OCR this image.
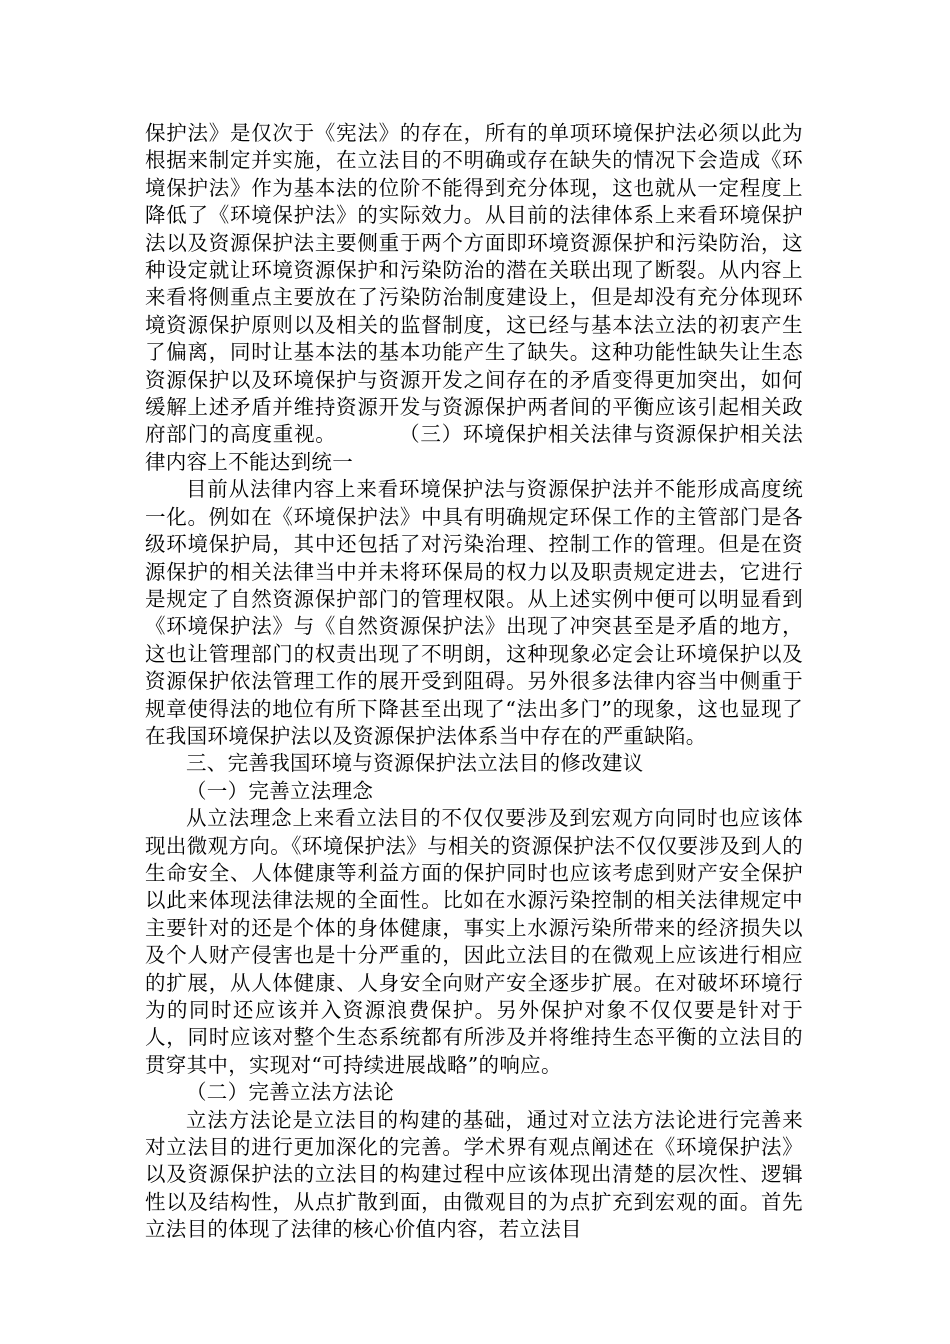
保护法》是仅次于《宪法》的存在，所有的单项环境保护法必须以此为根据来制定并实施，在立法目的不明确或存在缺失的情况下会造成《环境保护法》作为基本法的位阶不能得到充分体现，这也就从一定程度上降低了《环境保护法》的实际效力。从目前的法律体系上来看环境保护法以及资源保护法主要侧重于两个方面即环境资源保护和污染防治，这种设定就让环境资源保护和污染防治的潜在关联出现了断裂。从内容上来看将侧重点主要放在了污染防治制度建设上，但是却没有充分体现环境资源保护原则以及相关的监督制度，这已经与基本法立法的初衷产生了偏离，同时让基本法的基本功能产生了缺失。这种功能性缺失让生态资源保护以及环境保护与资源开发之间存在的矛盾变得更加突出，如何缓解上述矛盾并维持资源开发与资源保护两者间的平衡应该引起相关政府部门的高度重视。	（三）环境保护相关法律与资源保护相关法律内容上不能达到统一

目前从法律内容上来看环境保护法与资源保护法并不能形成高度统一化。例如在《环境保护法》中具有明确规定环保工作的主管部门是各级环境保护局，其中还包括了对污染治理、控制工作的管理。但是在资源保护的相关法律当中并未将环保局的权力以及职责规定进去，它进行是规定了自然资源保护部门的管理权限。从上述实例中便可以明显看到《环境保护法》与《自然资源保护法》出现了冲突甚至是矛盾的地方，这也让管理部门的权责出现了不明朗，这种现象必定会让环境保护以及资源保护依法管理工作的展开受到阻碍。另外很多法律内容当中侧重于规章使得法的地位有所下降甚至出现了“法出多门”的现象，这也显现了在我国环境保护法以及资源保护法体系当中存在的严重缺陷。

三、完善我国环境与资源保护法立法目的修改建议

（一）完善立法理念

从立法理念上来看立法目的不仅仅要涉及到宏观方向同时也应该体现出微观方向。《环境保护法》与相关的资源保护法不仅仅要涉及到人的生命安全、人体健康等利益方面的保护同时也应该考虑到财产安全保护以此来体现法律法规的全面性。比如在水源污染控制的相关法律规定中主要针对的还是个体的身体健康，事实上水源污染所带来的经济损失以及个人财产侵害也是十分严重的，因此立法目的在微观上应该进行相应的扩展，从人体健康、人身安全向财产安全逐步扩展。在对破坏环境行为的同时还应该并入资源浪费保护。另外保护对象不仅仅要是针对于人，同时应该对整个生态系统都有所涉及并将维持生态平衡的立法目的贯穿其中，实现对“可持续进展战略”的响应。

（二）完善立法方法论

立法方法论是立法目的构建的基础，通过对立法方法论进行完善来对立法目的进行更加深化的完善。学术界有观点阐述在《环境保护法》以及资源保护法的立法目的构建过程中应该体现出清楚的层次性、逻辑性以及结构性，从点扩散到面，由微观目的为点扩充到宏观的面。首先立法目的体现了法律的核心价值内容，若立法目
